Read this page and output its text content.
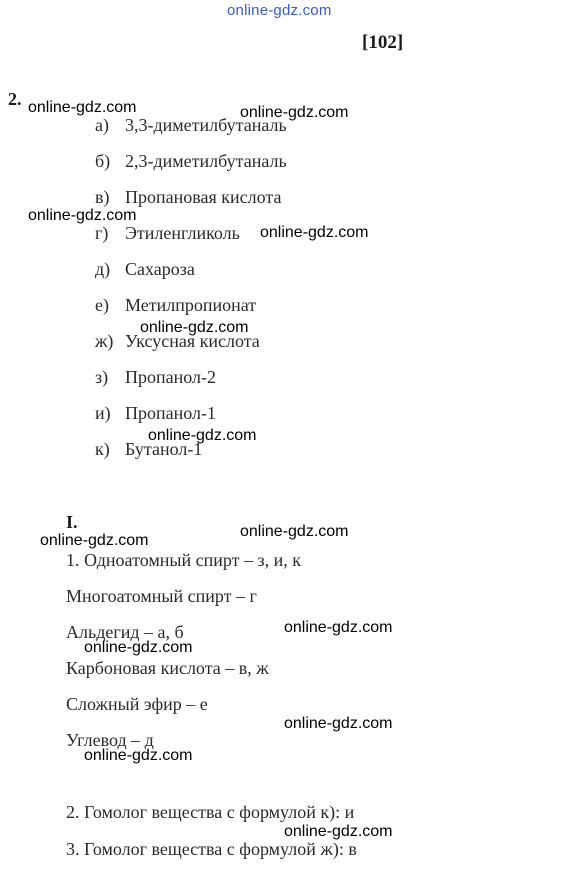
online-gdz.com
[102]
2.
а) 3,3-диметилбутаналь
б) 2,3-диметилбутаналь
в) Пропановая кислота
г) Этиленгликоль
д) Сахароза
е) Метилпропионат
ж) Уксусная кислота
з) Пропанол-2
и) Пропанол-1
к) Бутанол-1
I.
1. Одноатомный спирт – з, и, к
Многоатомный спирт – г
Альдегид – а, б
Карбоновая кислота – в, ж
Сложный эфир – е
Углевод – д
2. Гомолог вещества с формулой к): и
3. Гомолог вещества с формулой ж): в
online-gdz.com	online-gdz.com
online-gdz.com
online-gdz.com
online-gdz.com
online-gdz.com
online-gdz.com
online-gdz.com
online-gdz.com
online-gdz.com
online-gdz.com
online-gdz.com
online-gdz.com
